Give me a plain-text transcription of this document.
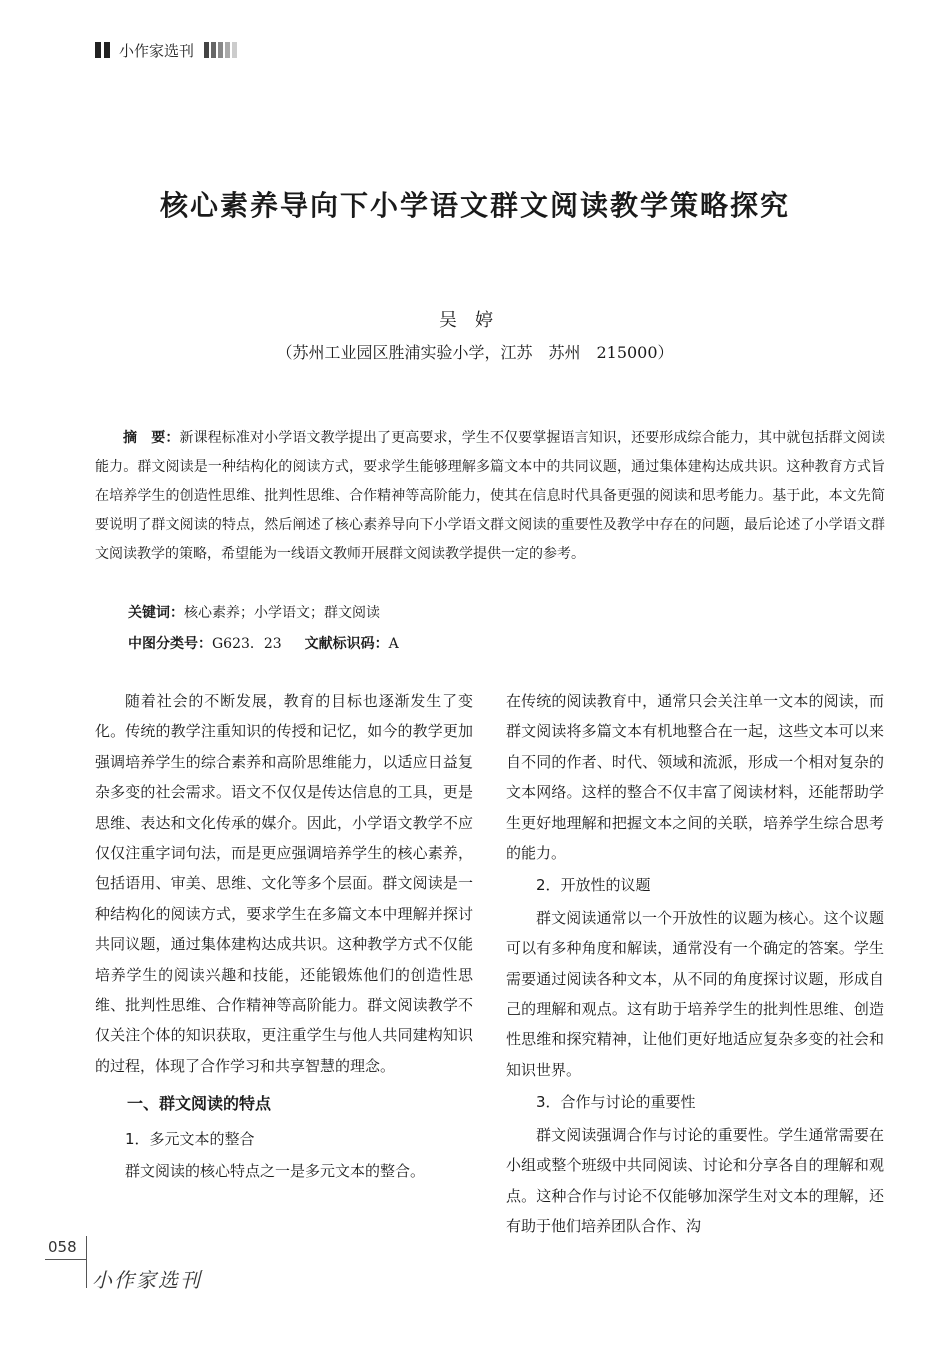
小作家选刊
核心素养导向下小学语文群文阅读教学策略探究
吴婷
（苏州工业园区胜浦实验小学，江苏　苏州　215000）

摘　要：新课程标准对小学语文教学提出了更高要求，学生不仅要掌握语言知识，还要形成综合能力，其中就包括群文阅读能力。群文阅读是一种结构化的阅读方式，要求学生能够理解多篇文本中的共同议题，通过集体建构达成共识。这种教育方式旨在培养学生的创造性思维、批判性思维、合作精神等高阶能力，使其在信息时代具备更强的阅读和思考能力。基于此，本文先简要说明了群文阅读的特点，然后阐述了核心素养导向下小学语文群文阅读的重要性及教学中存在的问题，最后论述了小学语文群文阅读教学的策略，希望能为一线语文教师开展群文阅读教学提供一定的参考。

关键词：核心素养；小学语文；群文阅读
中图分类号：G623．23 文献标识码：A

随着社会的不断发展，教育的目标也逐渐发生了变化。传统的教学注重知识的传授和记忆，如今的教学更加强调培养学生的综合素养和高阶思维能力，以适应日益复杂多变的社会需求。语文不仅仅是传达信息的工具，更是思维、表达和文化传承的媒介。因此，小学语文教学不应仅仅注重字词句法，而是更应强调培养学生的核心素养，包括语用、审美、思维、文化等多个层面。群文阅读是一种结构化的阅读方式，要求学生在多篇文本中理解并探讨共同议题，通过集体建构达成共识。这种教学方式不仅能培养学生的阅读兴趣和技能，还能锻炼他们的创造性思维、批判性思维、合作精神等高阶能力。群文阅读教学不仅关注个体的知识获取，更注重学生与他人共同建构知识的过程，体现了合作学习和共享智慧的理念。

一、群文阅读的特点
1．多元文本的整合

群文阅读的核心特点之一是多元文本的整合。

在传统的阅读教育中，通常只会关注单一文本的阅读，而群文阅读将多篇文本有机地整合在一起，这些文本可以来自不同的作者、时代、领域和流派，形成一个相对复杂的文本网络。这样的整合不仅丰富了阅读材料，还能帮助学生更好地理解和把握文本之间的关联，培养学生综合思考的能力。

2．开放性的议题

群文阅读通常以一个开放性的议题为核心。这个议题可以有多种角度和解读，通常没有一个确定的答案。学生需要通过阅读各种文本，从不同的角度探讨议题，形成自己的理解和观点。这有助于培养学生的批判性思维、创造性思维和探究精神，让他们更好地适应复杂多变的社会和知识世界。

3．合作与讨论的重要性

群文阅读强调合作与讨论的重要性。学生通常需要在小组或整个班级中共同阅读、讨论和分享各自的理解和观点。这种合作与讨论不仅能够加深学生对文本的理解，还有助于他们培养团队合作、沟

058
小作家选刊
